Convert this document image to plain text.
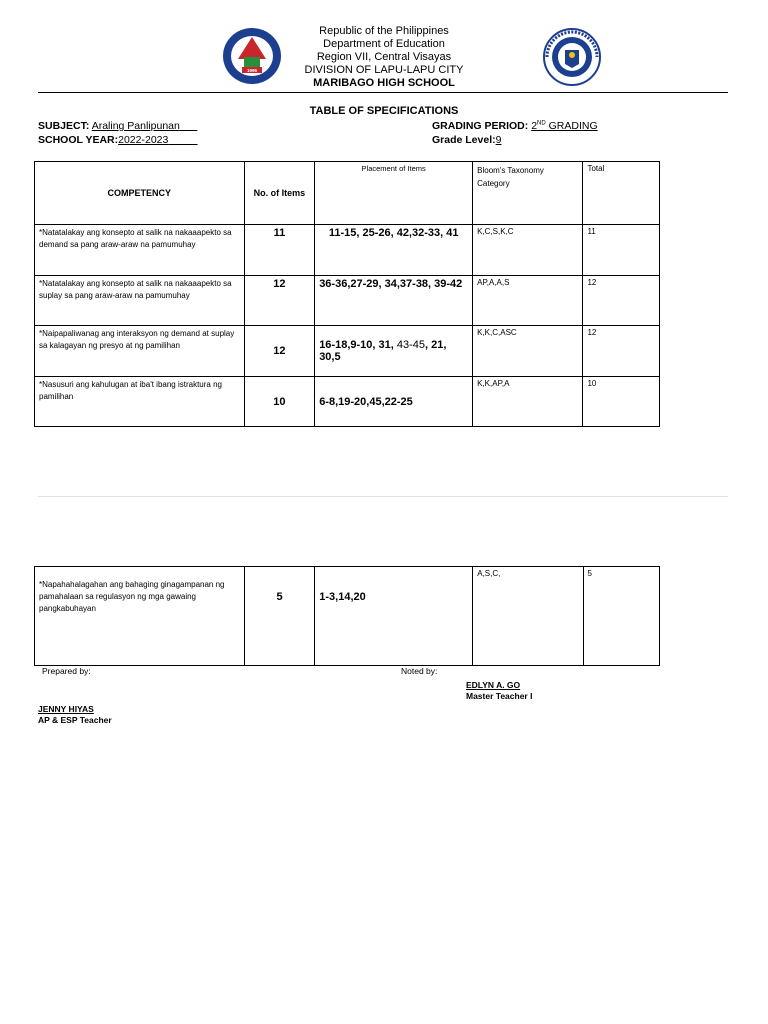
1996
Republic of the Philippines
Department of Education
Region VII, Central Visayas
DIVISION OF LAPU-LAPU CITY
MARIBAGO HIGH SCHOOL
TABLE OF SPECIFICATIONS
SUBJECT: Araling Panlipunan
SCHOOL YEAR:2022-2023
GRADING PERIOD: 2ND GRADING
Grade Level:9
COMPETENCY	No. of Items	Placement of Items	Bloom's Taxonomy Category	Total
*Natatalakay ang konsepto at salik na nakaaapekto sa demand sa pang araw-araw na pamumuhay	11	11-15, 25-26, 42,32-33, 41	K,C,S,K,C	11
*Natatalakay ang konsepto at salik na nakaaapekto sa suplay sa pang araw-araw na pamumuhay	12	36-36,27-29, 34,37-38, 39-42	AP,A,A,S	12
*Naipapaliwanag ang interaksyon ng demand at suplay sa kalagayan ng presyo at ng pamilihan	12	16-18,9-10, 31, 43-45, 21, 30,5	K,K,C,ASC	12
*Nasusuri ang kahulugan at iba't ibang istraktura ng pamilihan	10	6-8,19-20,45,22-25	K,K,AP,A	10
*Napahahalagahan ang bahaging ginagampanan ng pamahalaan sa regulasyon ng mga gawaing pangkabuhayan	5	1-3,14,20	A,S,C,	5
Prepared by:	Noted by:
EDLYN A. GO
Master Teacher I
JENNY HIYAS
AP & ESP Teacher
